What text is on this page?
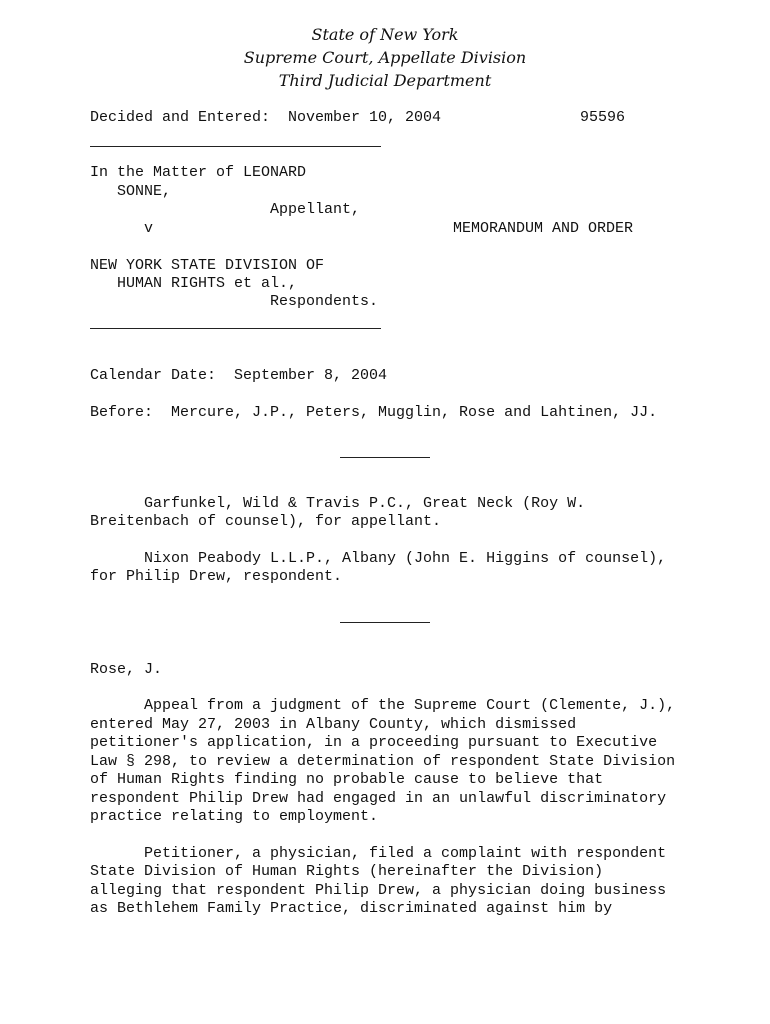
State of New York
Supreme Court, Appellate Division
Third Judicial Department
Decided and Entered:  November 10, 2004	95596
In the Matter of LEONARD
SONNE,
Appellant,
v	MEMORANDUM AND ORDER
NEW YORK STATE DIVISION OF
HUMAN RIGHTS et al.,
Respondents.
Calendar Date:  September 8, 2004
Before:  Mercure, J.P., Peters, Mugglin, Rose and Lahtinen, JJ.
Garfunkel, Wild & Travis P.C., Great Neck (Roy W.
Breitenbach of counsel), for appellant.
Nixon Peabody L.L.P., Albany (John E. Higgins of counsel),
for Philip Drew, respondent.
Rose, J.
Appeal from a judgment of the Supreme Court (Clemente, J.),
entered May 27, 2003 in Albany County, which dismissed
petitioner's application, in a proceeding pursuant to Executive
Law § 298, to review a determination of respondent State Division
of Human Rights finding no probable cause to believe that
respondent Philip Drew had engaged in an unlawful discriminatory
practice relating to employment.
Petitioner, a physician, filed a complaint with respondent
State Division of Human Rights (hereinafter the Division)
alleging that respondent Philip Drew, a physician doing business
as Bethlehem Family Practice, discriminated against him by
